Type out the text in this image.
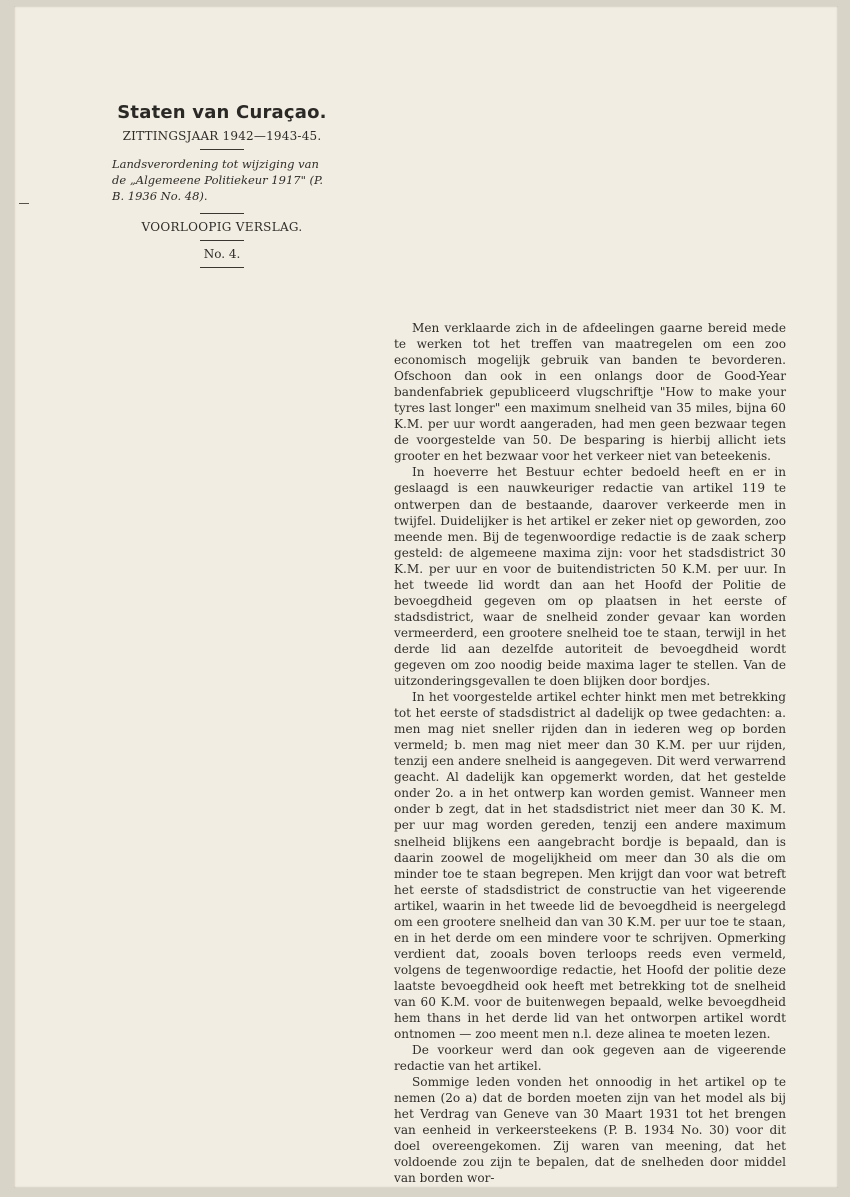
Staten van Curaçao.
ZITTINGSJAAR 1942—1943-45.
Landsverordening tot wijziging van de „Algemeene Politiekeur 1917" (P. B. 1936 No. 48).
VOORLOOPIG VERSLAG.
No. 4.

Men verklaarde zich in de afdeelingen gaarne bereid mede te werken tot het treffen van maatregelen om een zoo economisch mogelijk gebruik van banden te bevorderen. Ofschoon dan ook in een onlangs door de Good-Year bandenfabriek gepubliceerd vlugschriftje "How to make your tyres last longer" een maximum snelheid van 35 miles, bijna 60 K.M. per uur wordt aangeraden, had men geen bezwaar tegen de voorgestelde van 50. De besparing is hierbij allicht iets grooter en het bezwaar voor het verkeer niet van beteekenis.

In hoeverre het Bestuur echter bedoeld heeft en er in geslaagd is een nauwkeuriger redactie van artikel 119 te ontwerpen dan de bestaande, daarover verkeerde men in twijfel. Duidelijker is het artikel er zeker niet op geworden, zoo meende men. Bij de tegenwoordige redactie is de zaak scherp gesteld: de algemeene maxima zijn: voor het stadsdistrict 30 K.M. per uur en voor de buitendistricten 50 K.M. per uur. In het tweede lid wordt dan aan het Hoofd der Politie de bevoegdheid gegeven om op plaatsen in het eerste of stadsdistrict, waar de snelheid zonder gevaar kan worden vermeerderd, een grootere snelheid toe te staan, terwijl in het derde lid aan dezelfde autoriteit de bevoegdheid wordt gegeven om zoo noodig beide maxima lager te stellen. Van de uitzonderingsgevallen te doen blijken door bordjes.

In het voorgestelde artikel echter hinkt men met betrekking tot het eerste of stadsdistrict al dadelijk op twee gedachten: a. men mag niet sneller rijden dan in iederen weg op borden vermeld; b. men mag niet meer dan 30 K.M. per uur rijden, tenzij een andere snelheid is aangegeven. Dit werd verwarrend geacht. Al dadelijk kan opgemerkt worden, dat het gestelde onder 2o. a in het ontwerp kan worden gemist. Wanneer men onder b zegt, dat in het stadsdistrict niet meer dan 30 K. M. per uur mag worden gereden, tenzij een andere maximum snelheid blijkens een aangebracht bordje is bepaald, dan is daarin zoowel de mogelijkheid om meer dan 30 als die om minder toe te staan begrepen. Men krijgt dan voor wat betreft het eerste of stadsdistrict de constructie van het vigeerende artikel, waarin in het tweede lid de bevoegdheid is neergelegd om een grootere snelheid dan van 30 K.M. per uur toe te staan, en in het derde om een mindere voor te schrijven. Opmerking verdient dat, zooals boven terloops reeds even vermeld, volgens de tegenwoordige redactie, het Hoofd der politie deze laatste bevoegdheid ook heeft met betrekking tot de snelheid van 60 K.M. voor de buitenwegen bepaald, welke bevoegdheid hem thans in het derde lid van het ontworpen artikel wordt ontnomen — zoo meent men n.l. deze alinea te moeten lezen.

De voorkeur werd dan ook gegeven aan de vigeerende redactie van het artikel.

Sommige leden vonden het onnoodig in het artikel op te nemen (2o a) dat de borden moeten zijn van het model als bij het Verdrag van Geneve van 30 Maart 1931 tot het brengen van eenheid in verkeersteekens (P. B. 1934 No. 30) voor dit doel overeengekomen. Zij waren van meening, dat het voldoende zou zijn te bepalen, dat de snelheden door middel van borden wor-
